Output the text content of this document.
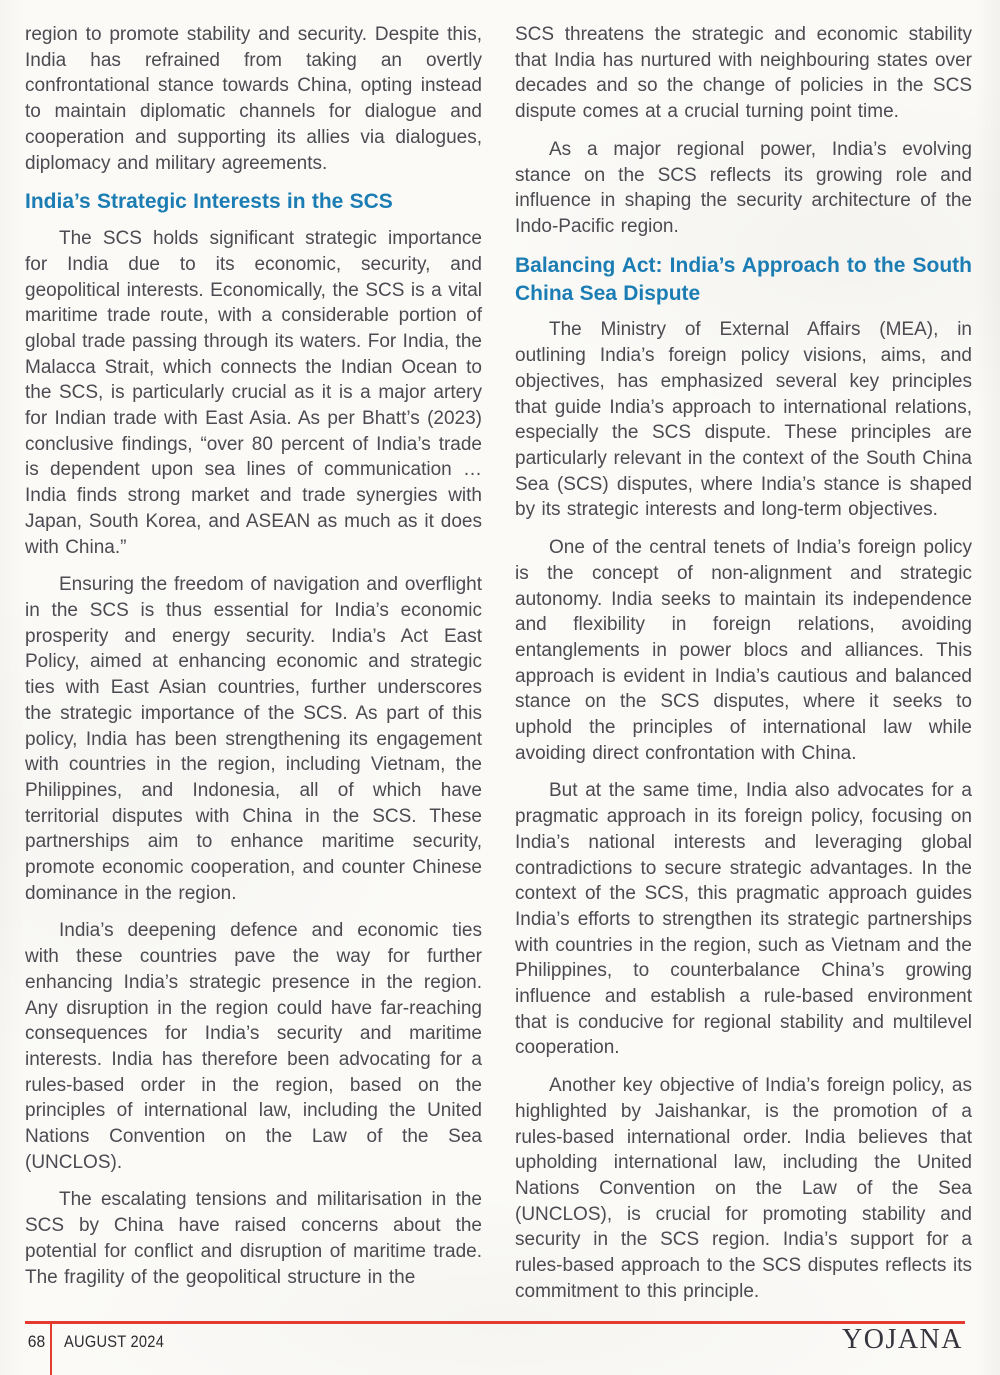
region to promote stability and security. Despite this, India has refrained from taking an overtly confrontational stance towards China, opting instead to maintain diplomatic channels for dialogue and cooperation and supporting its allies via dialogues, diplomacy and military agreements.

India’s Strategic Interests in the SCS

The SCS holds significant strategic importance for India due to its economic, security, and geopolitical interests. Economically, the SCS is a vital maritime trade route, with a considerable portion of global trade passing through its waters. For India, the Malacca Strait, which connects the Indian Ocean to the SCS, is particularly crucial as it is a major artery for Indian trade with East Asia. As per Bhatt’s (2023) conclusive findings, “over 80 percent of India’s trade is dependent upon sea lines of communication … India finds strong market and trade synergies with Japan, South Korea, and ASEAN as much as it does with China.”

Ensuring the freedom of navigation and overflight in the SCS is thus essential for India’s economic prosperity and energy security. India’s Act East Policy, aimed at enhancing economic and strategic ties with East Asian countries, further underscores the strategic importance of the SCS. As part of this policy, India has been strengthening its engagement with countries in the region, including Vietnam, the Philippines, and Indonesia, all of which have territorial disputes with China in the SCS. These partnerships aim to enhance maritime security, promote economic cooperation, and counter Chinese dominance in the region.

India’s deepening defence and economic ties with these countries pave the way for further enhancing India’s strategic presence in the region. Any disruption in the region could have far-reaching consequences for India’s security and maritime interests. India has therefore been advocating for a rules-based order in the region, based on the principles of international law, including the United Nations Convention on the Law of the Sea (UNCLOS).

The escalating tensions and militarisation in the SCS by China have raised concerns about the potential for conflict and disruption of maritime trade. The fragility of the geopolitical structure in the

SCS threatens the strategic and economic stability that India has nurtured with neighbouring states over decades and so the change of policies in the SCS dispute comes at a crucial turning point time.

As a major regional power, India’s evolving stance on the SCS reflects its growing role and influence in shaping the security architecture of the Indo-Pacific region.

Balancing Act: India’s Approach to the South China Sea Dispute

The Ministry of External Affairs (MEA), in outlining India’s foreign policy visions, aims, and objectives, has emphasized several key principles that guide India’s approach to international relations, especially the SCS dispute. These principles are particularly relevant in the context of the South China Sea (SCS) disputes, where India’s stance is shaped by its strategic interests and long-term objectives.

One of the central tenets of India’s foreign policy is the concept of non-alignment and strategic autonomy. India seeks to maintain its independence and flexibility in foreign relations, avoiding entanglements in power blocs and alliances. This approach is evident in India’s cautious and balanced stance on the SCS disputes, where it seeks to uphold the principles of international law while avoiding direct confrontation with China.

But at the same time, India also advocates for a pragmatic approach in its foreign policy, focusing on India’s national interests and leveraging global contradictions to secure strategic advantages. In the context of the SCS, this pragmatic approach guides India’s efforts to strengthen its strategic partnerships with countries in the region, such as Vietnam and the Philippines, to counterbalance China’s growing influence and establish a rule-based environment that is conducive for regional stability and multilevel cooperation.

Another key objective of India’s foreign policy, as highlighted by Jaishankar, is the promotion of a rules-based international order. India believes that upholding international law, including the United Nations Convention on the Law of the Sea (UNCLOS), is crucial for promoting stability and security in the SCS region. India’s support for a rules-based approach to the SCS disputes reflects its commitment to this principle.

68 AUGUST 2024	YOJANA
